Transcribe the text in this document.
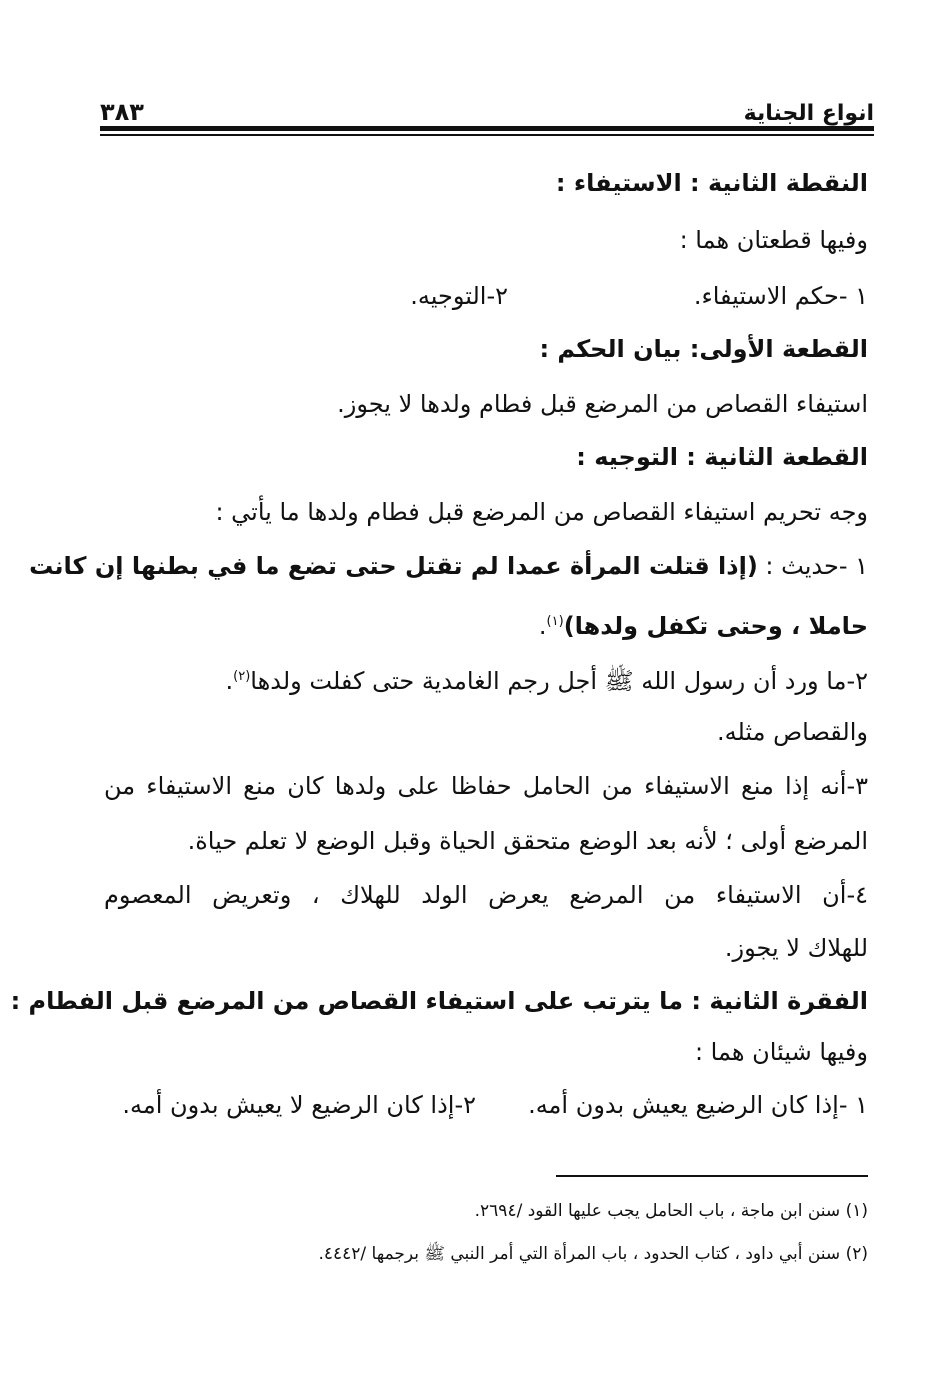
انواع الجناية
٣٨٣
النقطة الثانية : الاستيفاء :
وفيها قطعتان هما :
١ -حكم الاستيفاء.
٢-التوجيه.
القطعة الأولى: بيان الحكم :
استيفاء القصاص من المرضع قبل فطام ولدها لا يجوز.
القطعة الثانية : التوجيه :
وجه تحريم استيفاء القصاص من المرضع قبل فطام ولدها ما يأتي :
١ -حديث : (إذا قتلت المرأة عمدا لم تقتل حتى تضع ما في بطنها إن كانت
حاملا ، وحتى تكفل ولدها)$^{(١)}$.
٢-ما ورد أن رسول الله ﷺ أجل رجم الغامدية حتى كفلت ولدها$^{(٢)}$.
والقصاص مثله.
٣-أنه إذا منع الاستيفاء من الحامل حفاظا على ولدها كان منع الاستيفاء من
المرضع أولى ؛ لأنه بعد الوضع متحقق الحياة وقبل الوضع لا تعلم حياة.
٤-أن الاستيفاء من المرضع يعرض الولد للهلاك ، وتعريض المعصوم
للهلاك لا يجوز.
الفقرة الثانية : ما يترتب على استيفاء القصاص من المرضع قبل الفطام :
وفيها شيئان هما :
١ -إذا كان الرضيع يعيش بدون أمه.
٢-إذا كان الرضيع لا يعيش بدون أمه.
(١) سنن ابن ماجة ، باب الحامل يجب عليها القود /٢٦٩٤.
(٢) سنن أبي داود ، كتاب الحدود ، باب المرأة التي أمر النبي ﷺ برجمها /٤٤٤٢.
